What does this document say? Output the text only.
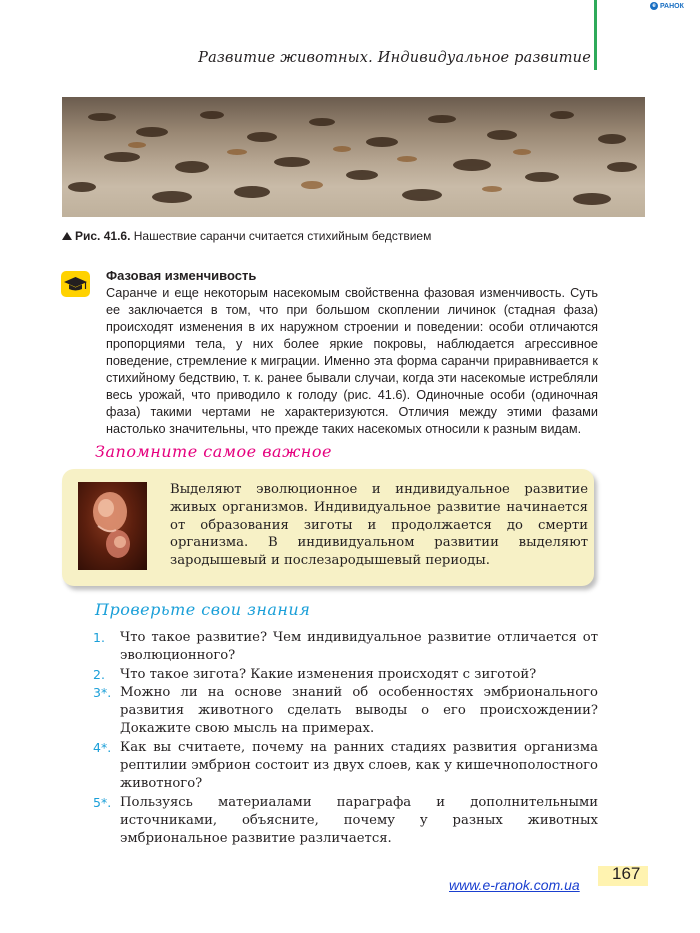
e РАНОК
Развитие животных. Индивидуальное развитие
Рис. 41.6. Нашествие саранчи считается стихийным бедствием
Фазовая изменчивость
Саранче и еще некоторым насекомым свойственна фазовая изменчивость. Суть ее заключается в том, что при большом скоплении личинок (стадная фаза) происходят изменения в их наружном строении и поведении: особи отличаются пропорциями тела, у них более яркие покровы, наблюдается агрессивное поведение, стремление к миграции. Именно эта форма саранчи приравнивается к стихийному бедствию, т. к. ранее бывали случаи, когда эти насекомые истребляли весь урожай, что приводило к голоду (рис. 41.6). Одиночные особи (одиночная фаза) такими чертами не характеризуются. Отличия между этими фазами настолько значительны, что прежде таких насекомых относили к разным видам.
Запомните самое важное
Выделяют эволюционное и индивидуальное развитие живых организмов. Индивидуальное развитие начинается от образования зиготы и продолжается до смерти организма. В индивидуальном развитии выделяют зародышевый и послезародышевый периоды.
Проверьте свои знания
1. Что такое развитие? Чем индивидуальное развитие отличается от эволюционного?
2. Что такое зигота? Какие изменения происходят с зиготой?
3*. Можно ли на основе знаний об особенностях эмбрионального развития животного сделать выводы о его происхождении? Докажите свою мысль на примерах.
4*. Как вы считаете, почему на ранних стадиях развития организма рептилии эмбрион состоит из двух слоев, как у кишечнополостного животного?
5*. Пользуясь материалами параграфа и дополнительными источниками, объясните, почему у разных животных эмбриональное развитие различается.
167
www.e-ranok.com.ua
